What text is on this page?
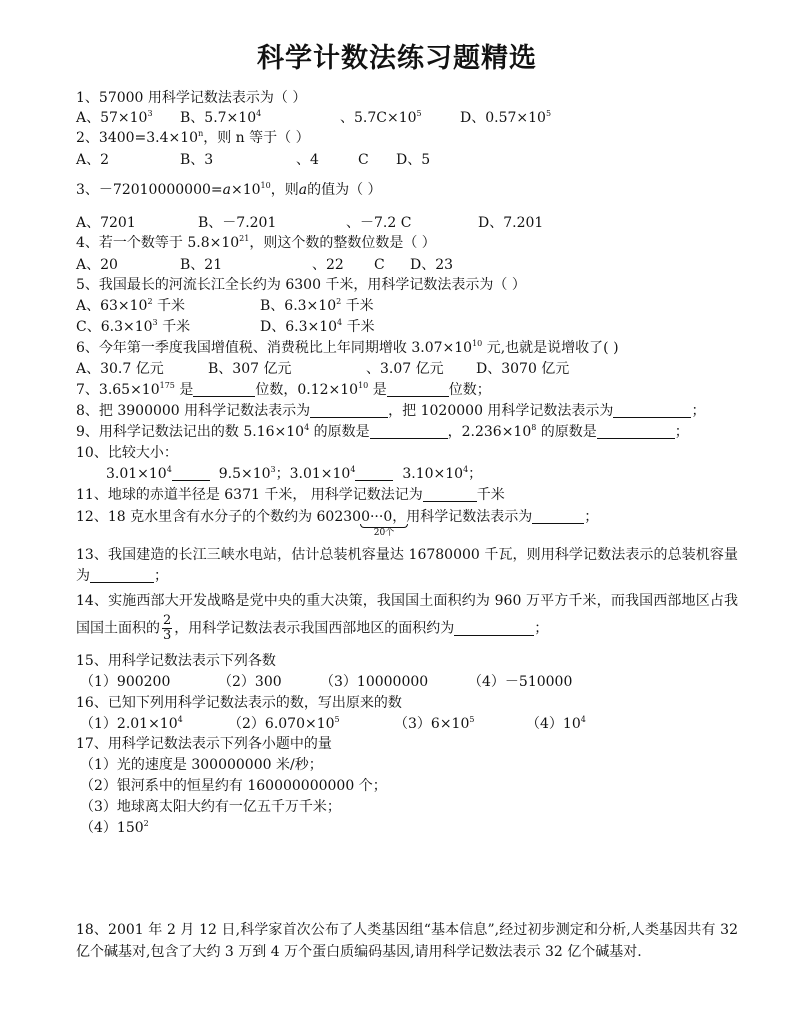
科学计数法练习题精选
1、57000 用科学记数法表示为（ ）
A、$57\times 10^3$ B、$5.7\times 10^4$	、$5.7C\times 10^5$	D、$0.57\times 10^5$
2、$3400=3.4\times 10^n$，则 n 等于（ ）
A、2	B、3	、4	C D、5
3、$-72010000000=a\times 10^{10}$，则a的值为（ ）
A、7201	B、－7.201	、－7.2 C	D、7.201
4、若一个数等于 $5.8\times 10^{21}$，则这个数的整数位数是（ ）
A、20	B、21	、22 C D、23
5、我国最长的河流长江全长约为 6300 千米，用科学记数法表示为（ ）
A、$63\times 10^2$ 千米	B、$6.3\times 10^2$ 千米
C、$6.3\times 10^3$ 千米	D、$6.3\times 10^4$ 千米
6、今年第一季度我国增值税、消费税比上年同期增收 $3.07\times 10^{10}$ 元,也就是说增收了( )
A、30.7 亿元	B、307 亿元	、3.07 亿元 D、3070 亿元
7、$3.65\times 10^{175}$ 是	位数，$0.12\times 10^{10}$ 是	位数；
8、把 3900000 用科学记数法表示为	，把 1020000 用科学记数法表示为	；
9、用科学记数法记出的数 $5.16\times 10^4$ 的原数是	，$2.236\times 10^8$ 的原数是	；
10、比较大小：
$3.01\times 10^4$	$9.5\times 10^3$；$3.01\times 10^4$	$3.10\times 10^4$；
11、地球的赤道半径是 6371 千米， 用科学记数法记为	千米
12、18 克水里含有水分子的个数约为 602300···0，用科学记数法表示为	；
20个
13、我国建造的长江三峡水电站，估计总装机容量达 16780000 千瓦，则用科学记数法表示的总装机容量为	；
14、实施西部大开发战略是党中央的重大决策，我国国土面积约为 960 万平方千米，而我国西部地区占我国国土面积的 $\frac{2}{3}$ ，用科学记数法表示我国西部地区的面积约为	；
15、用科学记数法表示下列各数
（1）900200	（2）300	（3）10000000	（4）－510000
16、已知下列用科学记数法表示的数，写出原来的数
$(1)2.01\times 10^4$	$(2)6.070\times 10^5$	$(3)6\times 10^5$	$(4)10^4$
17、用科学记数法表示下列各小题中的量
（1）光的速度是 300000000 米/秒；
（2）银河系中的恒星约有 160000000000 个；
（3）地球离太阳大约有一亿五千万千米；
$(4)150^2$
18、2001 年 2 月 12 日,科学家首次公布了人类基因组“基本信息”,经过初步测定和分析,人类基因共有 32 亿个碱基对,包含了大约 3 万到 4 万个蛋白质编码基因,请用科学记数法表示 32 亿个碱基对.
